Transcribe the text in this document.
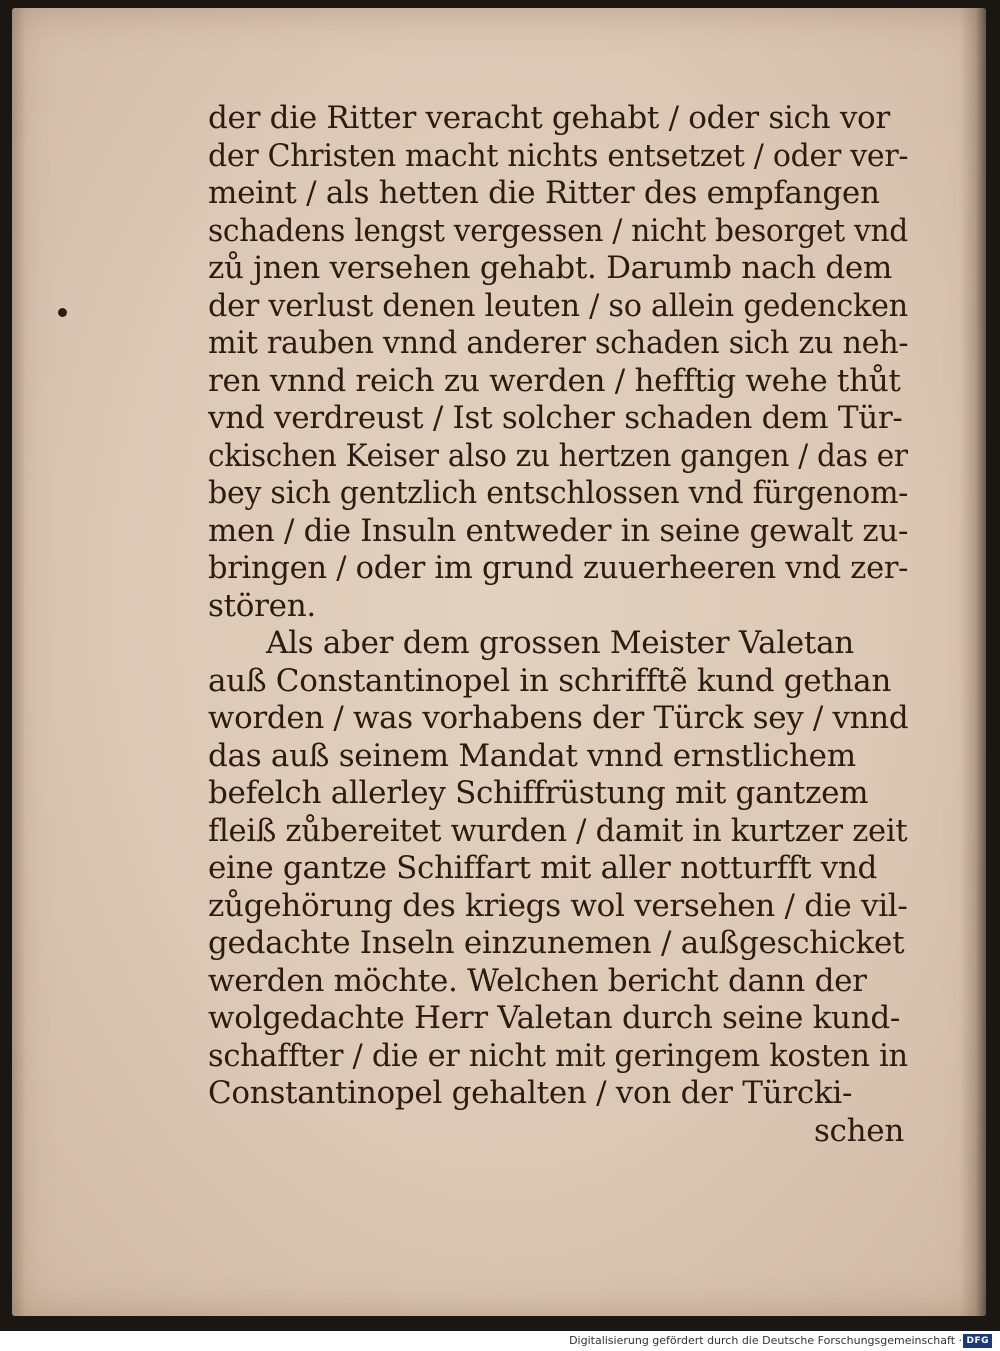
der die Ritter veracht gehabt / oder sich vor
der Christen macht nichts entsetzet / oder ver-
meint / als hetten die Ritter des empfangen
schadens lengst vergessen / nicht besorget vnd
zů jnen versehen gehabt. Darumb nach dem
der verlust denen leuten / so allein gedencken
mit rauben vnnd anderer schaden sich zu neh-
ren vnnd reich zu werden / hefftig wehe thůt
vnd verdreust / Ist solcher schaden dem Tür-
ckischen Keiser also zu hertzen gangen / das er
bey sich gentzlich entschlossen vnd fürgenom-
men / die Insuln entweder in seine gewalt zu-
bringen / oder im grund zuuerheeren vnd zer-
stören.
Als aber dem grossen Meister Valetan
auß Constantinopel in schrifftẽ kund gethan
worden / was vorhabens der Türck sey / vnnd
das auß seinem Mandat vnnd ernstlichem
befelch allerley Schiffrüstung mit gantzem
fleiß zůbereitet wurden / damit in kurtzer zeit
eine gantze Schiffart mit aller notturfft vnd
zůgehörung des kriegs wol versehen / die vil-
gedachte Inseln einzunemen / außgeschicket
werden möchte. Welchen bericht dann der
wolgedachte Herr Valetan durch seine kund-
schaffter / die er nicht mit geringem kosten in
Constantinopel gehalten / von der Türcki-
schen
Digitalisierung gefördert durch die Deutsche Forschungsgemeinschaft · DFG
